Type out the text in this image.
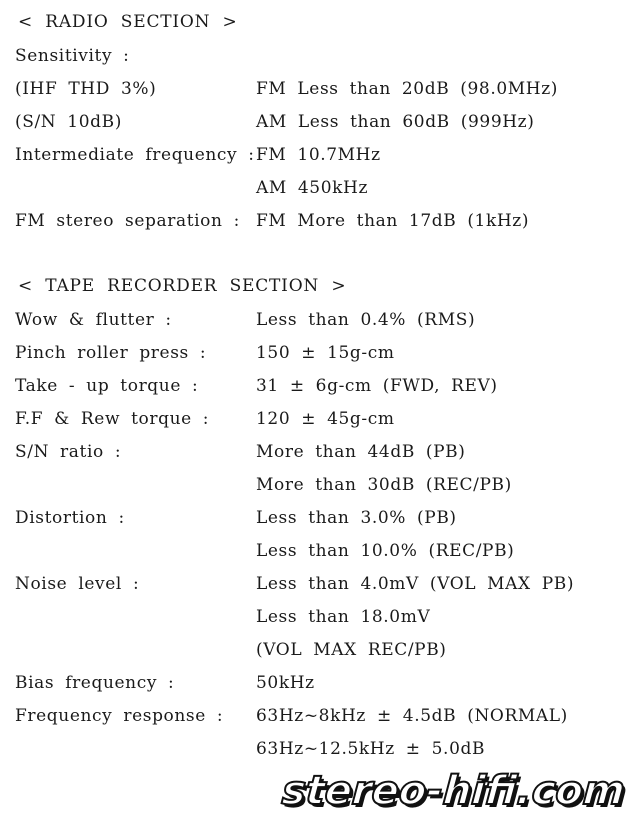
< RADIO SECTION >
Sensitivity :
(IHF THD 3%)	FM Less than 20dB (98.0MHz)
(S/N 10dB)	AM Less than 60dB (999Hz)
Intermediate frequency : FM 10.7MHz
AM 450kHz
FM stereo separation : FM More than 17dB (1kHz)
< TAPE RECORDER SECTION >
Wow & flutter :	Less than 0.4% (RMS)
Pinch roller press :	150 ± 15g-cm
Take - up torque :	31 ± 6g-cm (FWD, REV)
F.F & Rew torque :	120 ± 45g-cm
S/N ratio :	More than 44dB (PB)
More than 30dB (REC/PB)
Distortion :	Less than 3.0% (PB)
Less than 10.0% (REC/PB)
Noise level :	Less than 4.0mV (VOL MAX PB)
Less than 18.0mV
(VOL MAX REC/PB)
Bias frequency :	50kHz
Frequency response : 63Hz~8kHz ± 4.5dB (NORMAL)
63Hz~12.5kHz ± 5.0dB
stereo-hifi.com
